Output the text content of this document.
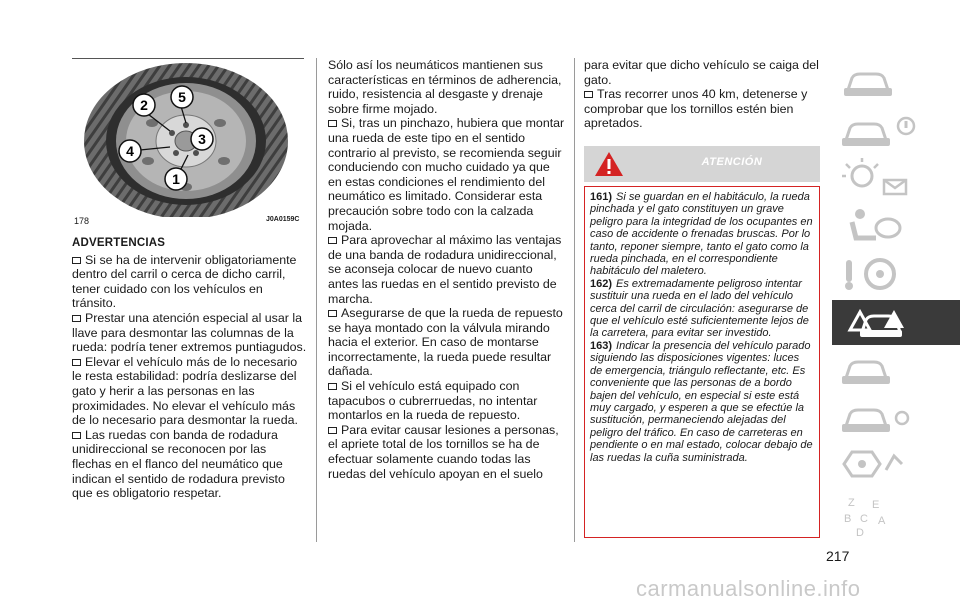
2 5
3
4
1
178	J0A0159C

ADVERTENCIAS

Si se ha de intervenir obligatoriamente dentro del carril o cerca de dicho carril, tener cuidado con los vehículos en tránsito.

Prestar una atención especial al usar la llave para desmontar las columnas de la rueda: podría tener extremos puntiagudos.

Elevar el vehículo más de lo necesario le resta estabilidad: podría deslizarse del gato y herir a las personas en las proximidades. No elevar el vehículo más de lo necesario para desmontar la rueda.

Las ruedas con banda de rodadura unidireccional se reconocen por las flechas en el flanco del neumático que indican el sentido de rodadura previsto que es obligatorio respetar.

Sólo así los neumáticos mantienen sus características en términos de adherencia, ruido, resistencia al desgaste y drenaje sobre firme mojado.

Si, tras un pinchazo, hubiera que montar una rueda de este tipo en el sentido contrario al previsto, se recomienda seguir conduciendo con mucho cuidado ya que en estas condiciones el rendimiento del neumático es limitado. Considerar esta precaución sobre todo con la calzada mojada.

Para aprovechar al máximo las ventajas de una banda de rodadura unidireccional, se aconseja colocar de nuevo cuanto antes las ruedas en el sentido previsto de marcha.

Asegurarse de que la rueda de repuesto se haya montado con la válvula mirando hacia el exterior. En caso de montarse incorrectamente, la rueda puede resultar dañada.

Si el vehículo está equipado con tapacubos o cubrerruedas, no intentar montarlos en la rueda de repuesto.

Para evitar causar lesiones a personas, el apriete total de los tornillos se ha de efectuar solamente cuando todas las ruedas del vehículo apoyan en el suelo

para evitar que dicho vehículo se caiga del gato.

Tras recorrer unos 40 km, detenerse y comprobar que los tornillos estén bien apretados.

ATENCIÓN

161) Si se guardan en el habitáculo, la rueda pinchada y el gato constituyen un grave peligro para la integridad de los ocupantes en caso de accidente o frenadas bruscas. Por lo tanto, reponer siempre, tanto el gato como la rueda pinchada, en el correspondiente habitáculo del maletero.

162) Es extremadamente peligroso intentar sustituir una rueda en el lado del vehículo cerca del carril de circulación: asegurarse de que el vehículo esté suficientemente lejos de la carretera, para evitar ser investido.

163) Indicar la presencia del vehículo parado siguiendo las disposiciones vigentes: luces de emergencia, triángulo reflectante, etc. Es conveniente que las personas de a bordo bajen del vehículo, en especial si este está muy cargado, y esperen a que se efectúe la sustitución, permaneciendo alejadas del peligro del tráfico. En caso de carreteras en pendiente o en mal estado, colocar debajo de las ruedas la cuña suministrada.

217
carmanualsonline.info
Z E
B C A
D
